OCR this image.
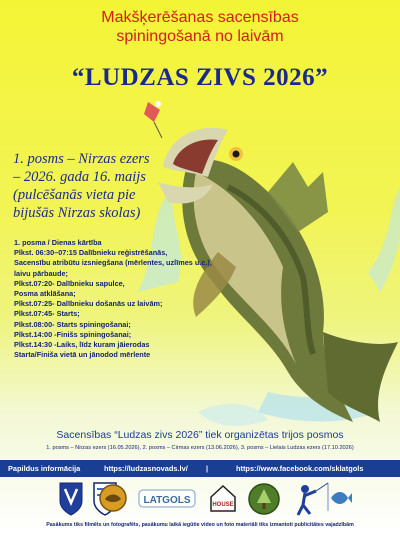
Makšķerēšanas sacensības
spiningošanā no laivām
“LUDZAS ZIVS 2026”
1. posms – Nirzas ezers
– 2026. gada 16. maijs
(pulcēšanās vieta pie
bijušās Nirzas skolas)
1. posma / Dienas kārtība
Plkst. 06:30–07:15 Dalībnieku reģistrēšanās,
Sacensību atribūtu izsniegšana (mērlentes, uzlīmes u.c.),
laivu pārbaude;
Plkst.07:20- Dalībnieku sapulce,
Posma atklāšana;
Plkst.07:25- Dalībnieku došanās uz laivām;
Plkst.07:45- Starts;
Plkst.08:00- Starts spiningošanai;
Plkst.14:00 -Finišs spiningošanai;
Plkst.14:30 -Laiks, līdz kuram jāierodas
Starta/Finiša vietā un jānodod mērlente
Sacensības “Ludzas zivs 2026” tiek organizētas trijos posmos
1. posms – Nirzas ezers (16.05.2026), 2. posms – Cirmas ezers (13.06.2026), 3. posms – Lielais Ludzas ezers (17.10.2026)
Papildus informācija	https://ludzasnovads.lv/ |	https://www.facebook.com/sklatgols
LATGOLS	HOUSE
Pasākums tiks filmēts un fotografēts, pasākumu laikā iegūtie video un foto materiāli tiks izmantoti publicitātes vajadzībām
